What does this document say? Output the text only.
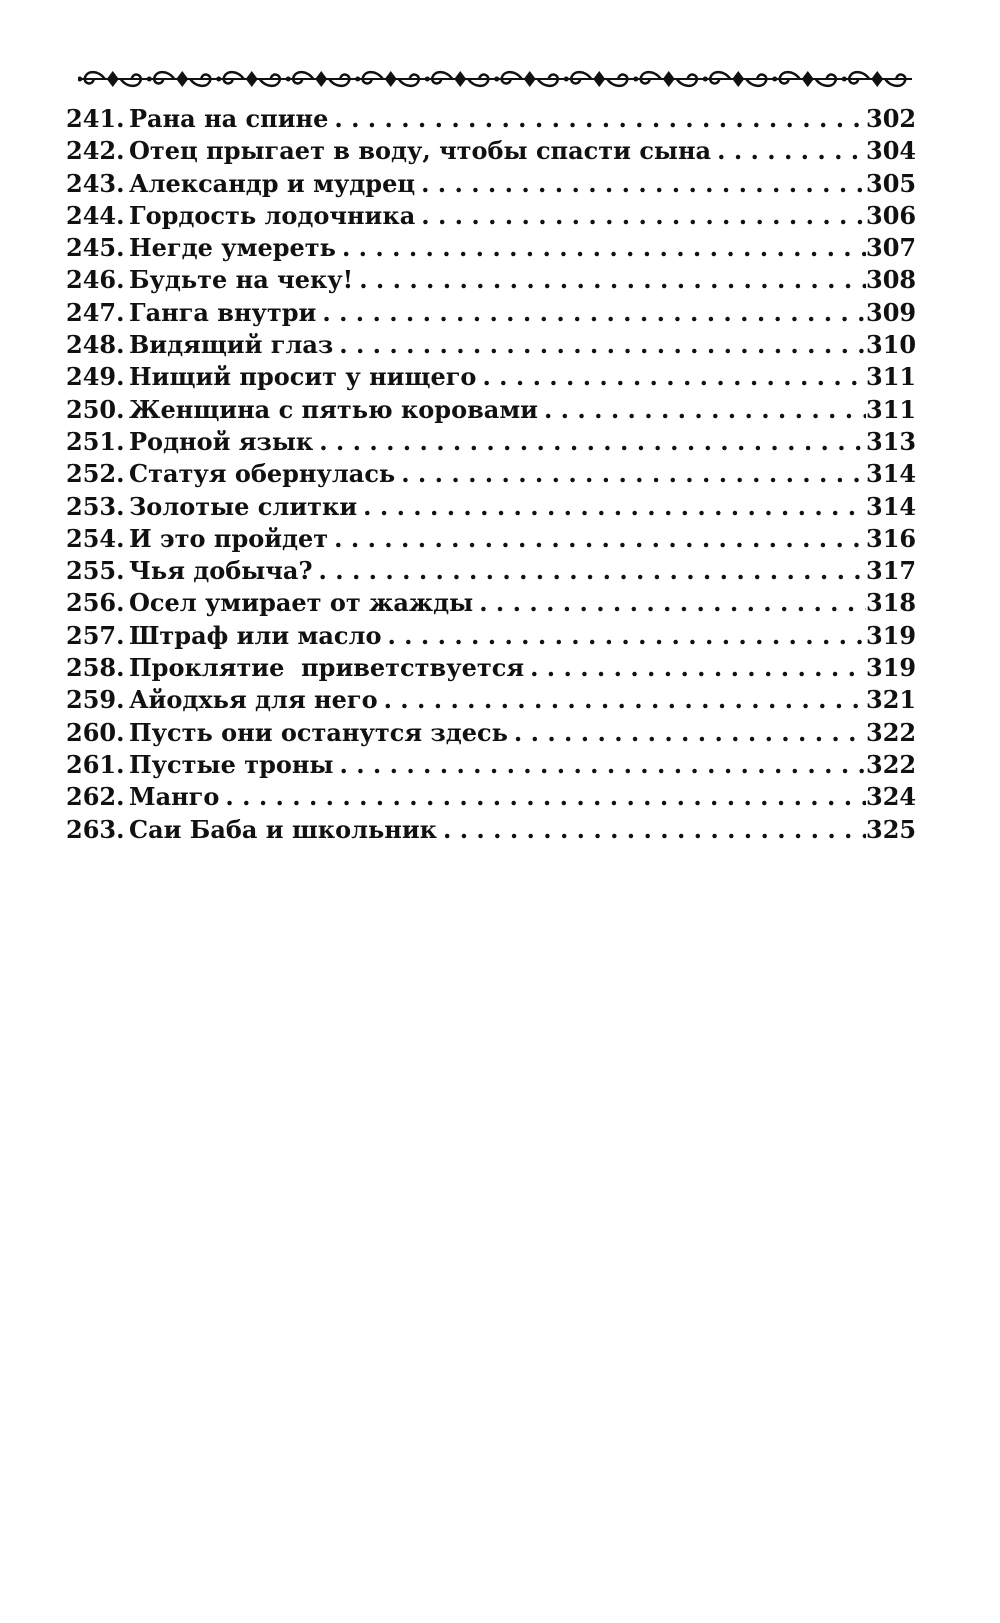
241. Рана на спине . . .	302
242. Отец прыгает в воду, чтобы спасти сына . . .	304
243. Александр и мудрец . . .	305
244. Гордость лодочника . . .	306
245. Негде умереть . . .	307
246. Будьте на чеку! . . .	308
247. Ганга внутри . . .	309
248. Видящий глаз . . .	310
249. Нищий просит у нищего . . .	311
250. Женщина с пятью коровами . . .	311
251. Родной язык . . .	313
252. Статуя обернулась . . .	314
253. Золотые слитки . . .	314
254. И это пройдет . . .	316
255. Чья добыча? . . .	317
256. Осел умирает от жажды . . .	318
257. Штраф или масло . . .	319
258. Проклятие  приветствуется . . .	319
259. Айодхья для него . . .	321
260. Пусть они останутся здесь . . .	322
261. Пустые троны . . .	322
262. Манго . . .	324
263. Саи Баба и школьник . . .	325
